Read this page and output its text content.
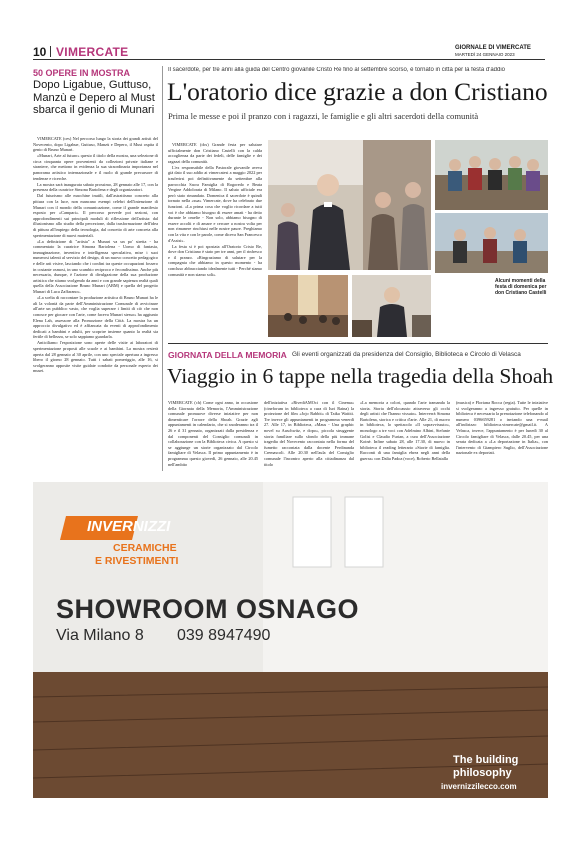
10 VIMERCATE	GIORNALE DI VIMERCATE
MARTEDÌ 24 GENNAIO 2023
50 OPERE IN MOSTRA
Dopo Ligabue, Guttuso, Manzù e Depero al Must sbarca il genio di Munari

VIMERCATE (ces) Nel percorso lungo la storia dei grandi artisti del Novecento, dopo Ligabue, Guttuso, Manzù e Depero, il Must ospita il genio di Bruno Munari.

«Munari, Arte al futuro» questo il titolo della mostra, una selezione di circa cinquanta opere provenienti da collezioni private italiane e straniere, che mettono in evidenza la sua straordinaria importanza nel panorama artistico internazionale e il ruolo di grande precursore di tendenze e ricerche.

La mostra sarà inaugurata sabato prossimo, 28 gennaio alle 17, con la presenza della curatrice Simona Bartolena e degli organizzatori.

Dal futurismo alle macchine inutili, dall'astrattismo concreto alla pittura con la luce, non mancano esempi celebri dell'intenzione di Munari con il mondo della comunicazione, come il grande manifesto esposto per «Campari». Il percorso prevede poi sezioni, con approfondimenti sui principali moduli di riflessione dell'artista: dal illusionismo allo studio della percezione, dalla trasformazione dell'idea di pittura all'impiego della tecnologia, dal concetto di arte concreta alla sperimentazione di nuovi materiali.

«La definizione di "artista" a Munari va un po' stretta - ha commentato la curatrice Simona Bartolena - Uomo di fantasia, immaginazione, inventiva e intelligenza speculativa, mise i suoi numerosi talenti al servizio del design, di un nuovo concetto pedagogico e delle arti visive, lasciando che i confini tra queste occupazioni fossero in costante osmosi, in uno scambio reciproco e fecondissimo. Anche più necessaria, dunque, è l'azione di divulgazione della sua produzione artistica che stiamo svolgendo da anni e con grande sapienza realtà quali quella della Associazione Bruno Munari (ABM) e quella del progetto Munari di Luca Zaffarano».

«La scelta di raccontare la produzione artistica di Bruno Munari ha le ali la volontà da parte dell'Amministrazione Comunale di avvicinare all'arte un pubblico vasto, che voglia superare i limiti di ciò che non conosce per giocare con l'arte, come faceva Munari stesso» ha aggiunto Elena Lah, assessore alla Promozione della Città. La mostra ha un approccio divulgativo ed è affiancata da eventi di approfondimento dedicati a bambini e adulti, per scoprire insieme quanto la realtà sia fertile di bellezza, se solo sappiamo guardarla.

Anticiliamo l'esposizione sono aperte delle visite ai laboratori di sperimentazione proposti alle scuole e ai bambini. La mostra resterà aperta dal 28 gennaio al 30 aprile, con uno speciale apertura a ingresso libero il giorno 28 gennaio. Tutti i sabati pomeriggio, alle 16, si svolgeranno apposite visite guidate condotte da personale esperto dei musei.

Il sacerdote, per tre anni alla guida del Centro giovanile Cristo Re fino al settembre scorso, è tornato in città per la festa d'addio
L'oratorio dice grazie a don Cristiano
Prima le messe e poi il pranzo con i ragazzi, le famiglie e gli altri sacerdoti della comunità

VIMERCATE (dcs) Grande festa per salutare ufficialmente don Cristiano Castelli con la calda accoglienza da parte dei fedeli, delle famiglie e dei ragazzi della comunità.

L'ex responsabile della Pastorale giovanile aveva già dato il suo addio ai vimercatesi a maggio 2022 per trasferirsi poi definitivamente da settembre alla parrocchia Sacra Famiglia di Rogoredo e Beata Vergine Addolorata di Milano. Il saluto ufficiale era però stato rimandato. Domenica il sacerdote è quindi tornato nella «sua» Vimercate, dove ha celebrato due funzioni. «La prima cosa che voglio ricordare a tutti voi è che abbiamo bisogno di essere amati - ha detto durante le omelie - Non solo, abbiamo bisogno di essere accolti e di amare e cercare a nostra volta per non rimanere rinchiusi nelle nostre paure. Preghiamo con la vita e con le parole, come diceva San Francesco d'Assisi».

La festa si è poi spostata all'Oratorio Cristo Re, dove don Cristiano è stato per tre anni, per il rinfresco e il pranzo. «Ringraziamo di salutare per la compagnia che abbiamo in questo momento - ha concluso abbracciando idealmente tutti - Perché siamo comunità e non siamo soli».

Alcuni momenti della festa di domenica per don Cristiano Castelli
GIORNATA DELLA MEMORIA Gli eventi organizzati da presidenza del Consiglio, Biblioteca e Circolo di Velasca
Viaggio in 6 tappe nella tragedia della Shoah
VIMERCATE (ch) Come ogni anno, in occasione della Giornata della Memoria, l'Amministrazione comunale promuove diverse iniziative per non dimenticare l'orrore della Shoah. Grazie agli appuntamenti in calendario, che si snoderanno tra il 26 e il 31 gennaio, organizzati dalla presidenza e dal componenti del Consiglio comunali in collaborazione con la Biblioteca civica. A questo si se aggiunge un storie organizzato dal Circolo famigliare di Velasca. Il primo appuntamento è in programma questo giovedì, 26 gennaio, alle 20.45 nell'ambito
dell'iniziativa «RivediAMOci con il Cinema» (cineforum in biblioteca a cura di Iuri Raina) la proiezione del film «Jojo Rabbit» di Taika Waititi. Tre invece gli appuntamenti in programma venerdì 27. Alle 17, in Biblioteca, «Maus - Una graphic novel su Auschwitz, e dopo», piccola struggente storia familiare sullo sfondo della più immane tragedia del Novecento raccontata nella forma del fumetto raccontata dalla docente Ferdinanda Cremascoli. Alle 20.30 nell'aula del Consiglio comunale l'incontro aperto alla cittadinanza dal titolo
«La memoria a colori, quando l'arte tramanda la storia. Storia dell'olocausto attraverso gli occhi degli artisti che l'hanno vissuto». Interverrà Simona Bartolena, storica e critica d'arte. Alle 21, di nuovo in biblioteca, lo spettacolo «Il sopravvissuto», monologo a tre voci con Adelmino Albini, Stefanie Golisi e Claudio Furian, a cura dell'Associazione Koinè. Infine sabato 28, alle 17.30, di nuovo in biblioteca il reading letterario «Storie di famiglia. Racconti di una famiglia ebrea negli anni della guerra» con Dalia Padoa (voce), Roberto Bellatalla
(musica) e Floriana Rocca (regia). Tutte le iniziative si svolgeranno a ingresso gratuito. Per quelle in biblioteca è necessaria la prenotazione telefonando al numero 0396659281 o inviando una e-mail all'indirizzo biblioteca.vimercate@gmail.it. A Velasca, invece, l'appuntamento è per lunedì 30 al Circolo famigliare di Velasca, dalle 20.45, per una serata dedicata a «La deportazione in Italia», con l'intervento di Giampiero Suglio, dell'Associazione nazionale ex deportati.
INVERNIZZI
CERAMICHE
E RIVESTIMENTI
SHOWROOM OSNAGO
Via Milano 8 039 8947490
The building
philosophy
invernizzilecco.com
